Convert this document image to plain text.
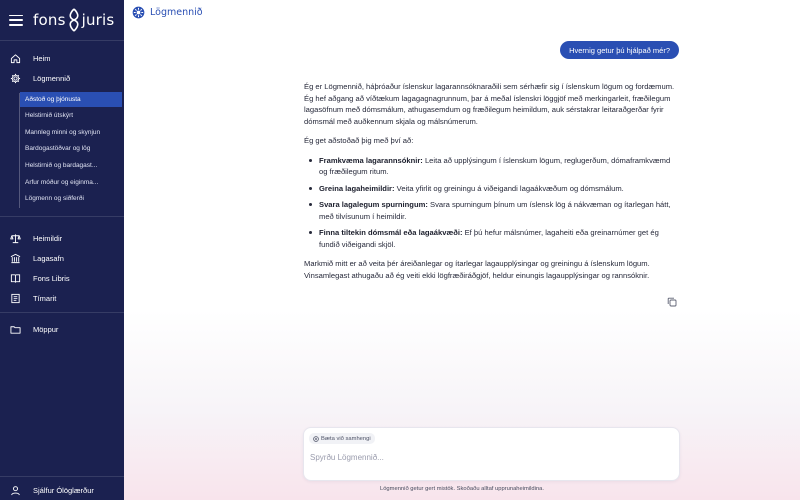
fons juris
Heim
Lögmennið
Aðstoð og þjónusta
Helstirnið útskýrt
Mannleg minni og skynjun
Bardogastöðvar og lög
Helstirnið og bardagast...
Arfur móður og eiginma...
Lögmenn og siðferði
Heimildir
Lagasafn
Fons Libris
Tímarit
Möppur
Sjálfur Ólöglærður
Lögmennið
Hvernig getur þú hjálpað mér?

Ég er Lögmennið, háþróaður íslenskur lagarannsóknaraðili sem sérhæfir sig í íslenskum lögum og fordæmum. Ég hef aðgang að víðtækum lagagagnagrunnum, þar á meðal íslenskri löggjöf með merkingarleit, fræðilegum lagasöfnum með dómsmálum, athugasemdum og fræðilegum heimildum, auk sérstakrar leitaraðgerðar fyrir dómsmál með auðkennum skjala og málsnúmerum.

Ég get aðstoðað þig með því að:

Framkvæma lagarannsóknir: Leita að upplýsingum í íslenskum lögum, reglugerðum, dómaframkvæmd og fræðilegum ritum.
Greina lagaheimildir: Veita yfirlit og greiningu á viðeigandi lagaákvæðum og dómsmálum.
Svara lagalegum spurningum: Svara spurningum þínum um íslensk lög á nákvæman og ítarlegan hátt, með tilvísunum í heimildir.
Finna tiltekin dómsmál eða lagaákvæði: Ef þú hefur málsnúmer, lagaheiti eða greinarnúmer get ég fundið viðeigandi skjöl.

Markmið mitt er að veita þér áreiðanlegar og ítarlegar lagaupplýsingar og greiningu á íslenskum lögum. Vinsamlegast athugaðu að ég veiti ekki lögfræðiráðgjöf, heldur einungis lagaupplýsingar og rannsóknir.

Bæta við samhengi
Spyrðu Lögmennið...
Lögmennið getur gert mistök. Skoðaðu alltaf upprunaheimildina.
